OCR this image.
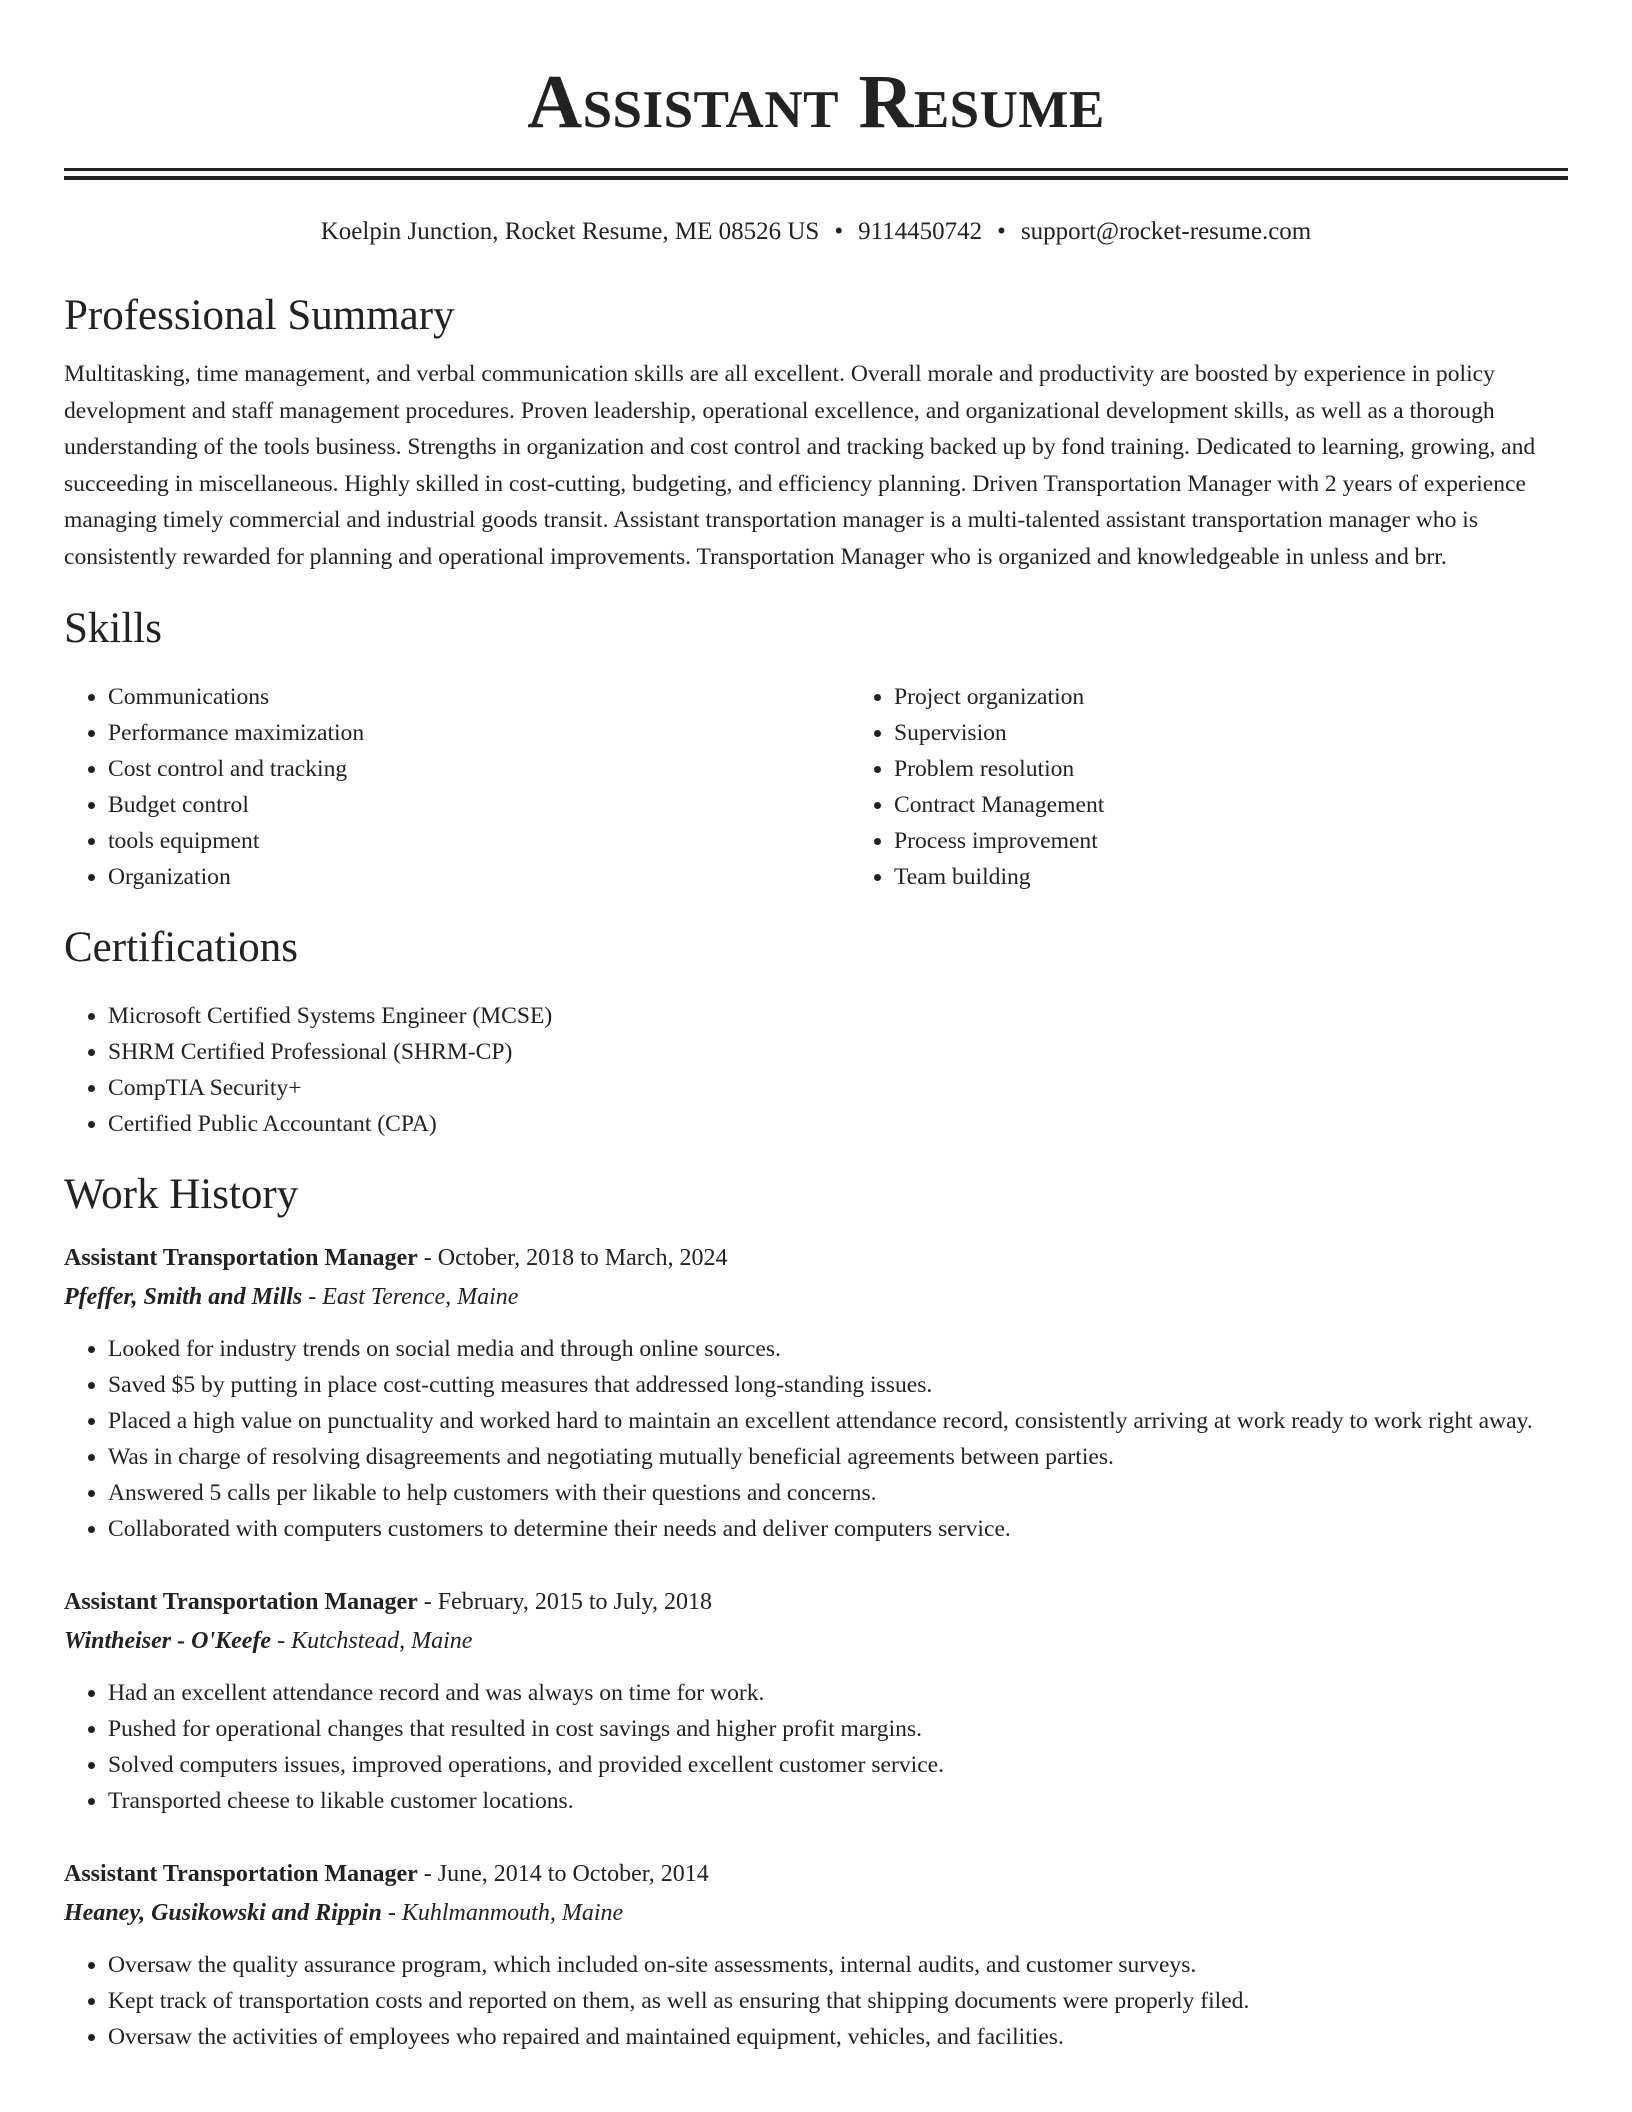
Assistant Resume
Koelpin Junction, Rocket Resume, ME 08526 US • 9114450742 • support@rocket-resume.com
Professional Summary

Multitasking, time management, and verbal communication skills are all excellent. Overall morale and productivity are boosted by experience in policy development and staff management procedures. Proven leadership, operational excellence, and organizational development skills, as well as a thorough understanding of the tools business. Strengths in organization and cost control and tracking backed up by fond training. Dedicated to learning, growing, and succeeding in miscellaneous. Highly skilled in cost-cutting, budgeting, and efficiency planning. Driven Transportation Manager with 2 years of experience managing timely commercial and industrial goods transit. Assistant transportation manager is a multi-talented assistant transportation manager who is consistently rewarded for planning and operational improvements. Transportation Manager who is organized and knowledgeable in unless and brr.

Skills
• Communications
• Performance maximization
• Cost control and tracking
• Budget control
• tools equipment
• Organization
• Project organization
• Supervision
• Problem resolution
• Contract Management
• Process improvement
• Team building
Certifications
• Microsoft Certified Systems Engineer (MCSE)
• SHRM Certified Professional (SHRM-CP)
• CompTIA Security+
• Certified Public Accountant (CPA)
Work History
Assistant Transportation Manager - October, 2018 to March, 2024
Pfeffer, Smith and Mills - East Terence, Maine
• Looked for industry trends on social media and through online sources.
• Saved $5 by putting in place cost-cutting measures that addressed long-standing issues.
• Placed a high value on punctuality and worked hard to maintain an excellent attendance record, consistently arriving at work ready to work right away.
• Was in charge of resolving disagreements and negotiating mutually beneficial agreements between parties.
• Answered 5 calls per likable to help customers with their questions and concerns.
• Collaborated with computers customers to determine their needs and deliver computers service.
Assistant Transportation Manager - February, 2015 to July, 2018
Wintheiser - O'Keefe - Kutchstead, Maine
• Had an excellent attendance record and was always on time for work.
• Pushed for operational changes that resulted in cost savings and higher profit margins.
• Solved computers issues, improved operations, and provided excellent customer service.
• Transported cheese to likable customer locations.
Assistant Transportation Manager - June, 2014 to October, 2014
Heaney, Gusikowski and Rippin - Kuhlmanmouth, Maine
• Oversaw the quality assurance program, which included on-site assessments, internal audits, and customer surveys.
• Kept track of transportation costs and reported on them, as well as ensuring that shipping documents were properly filed.
• Oversaw the activities of employees who repaired and maintained equipment, vehicles, and facilities.
